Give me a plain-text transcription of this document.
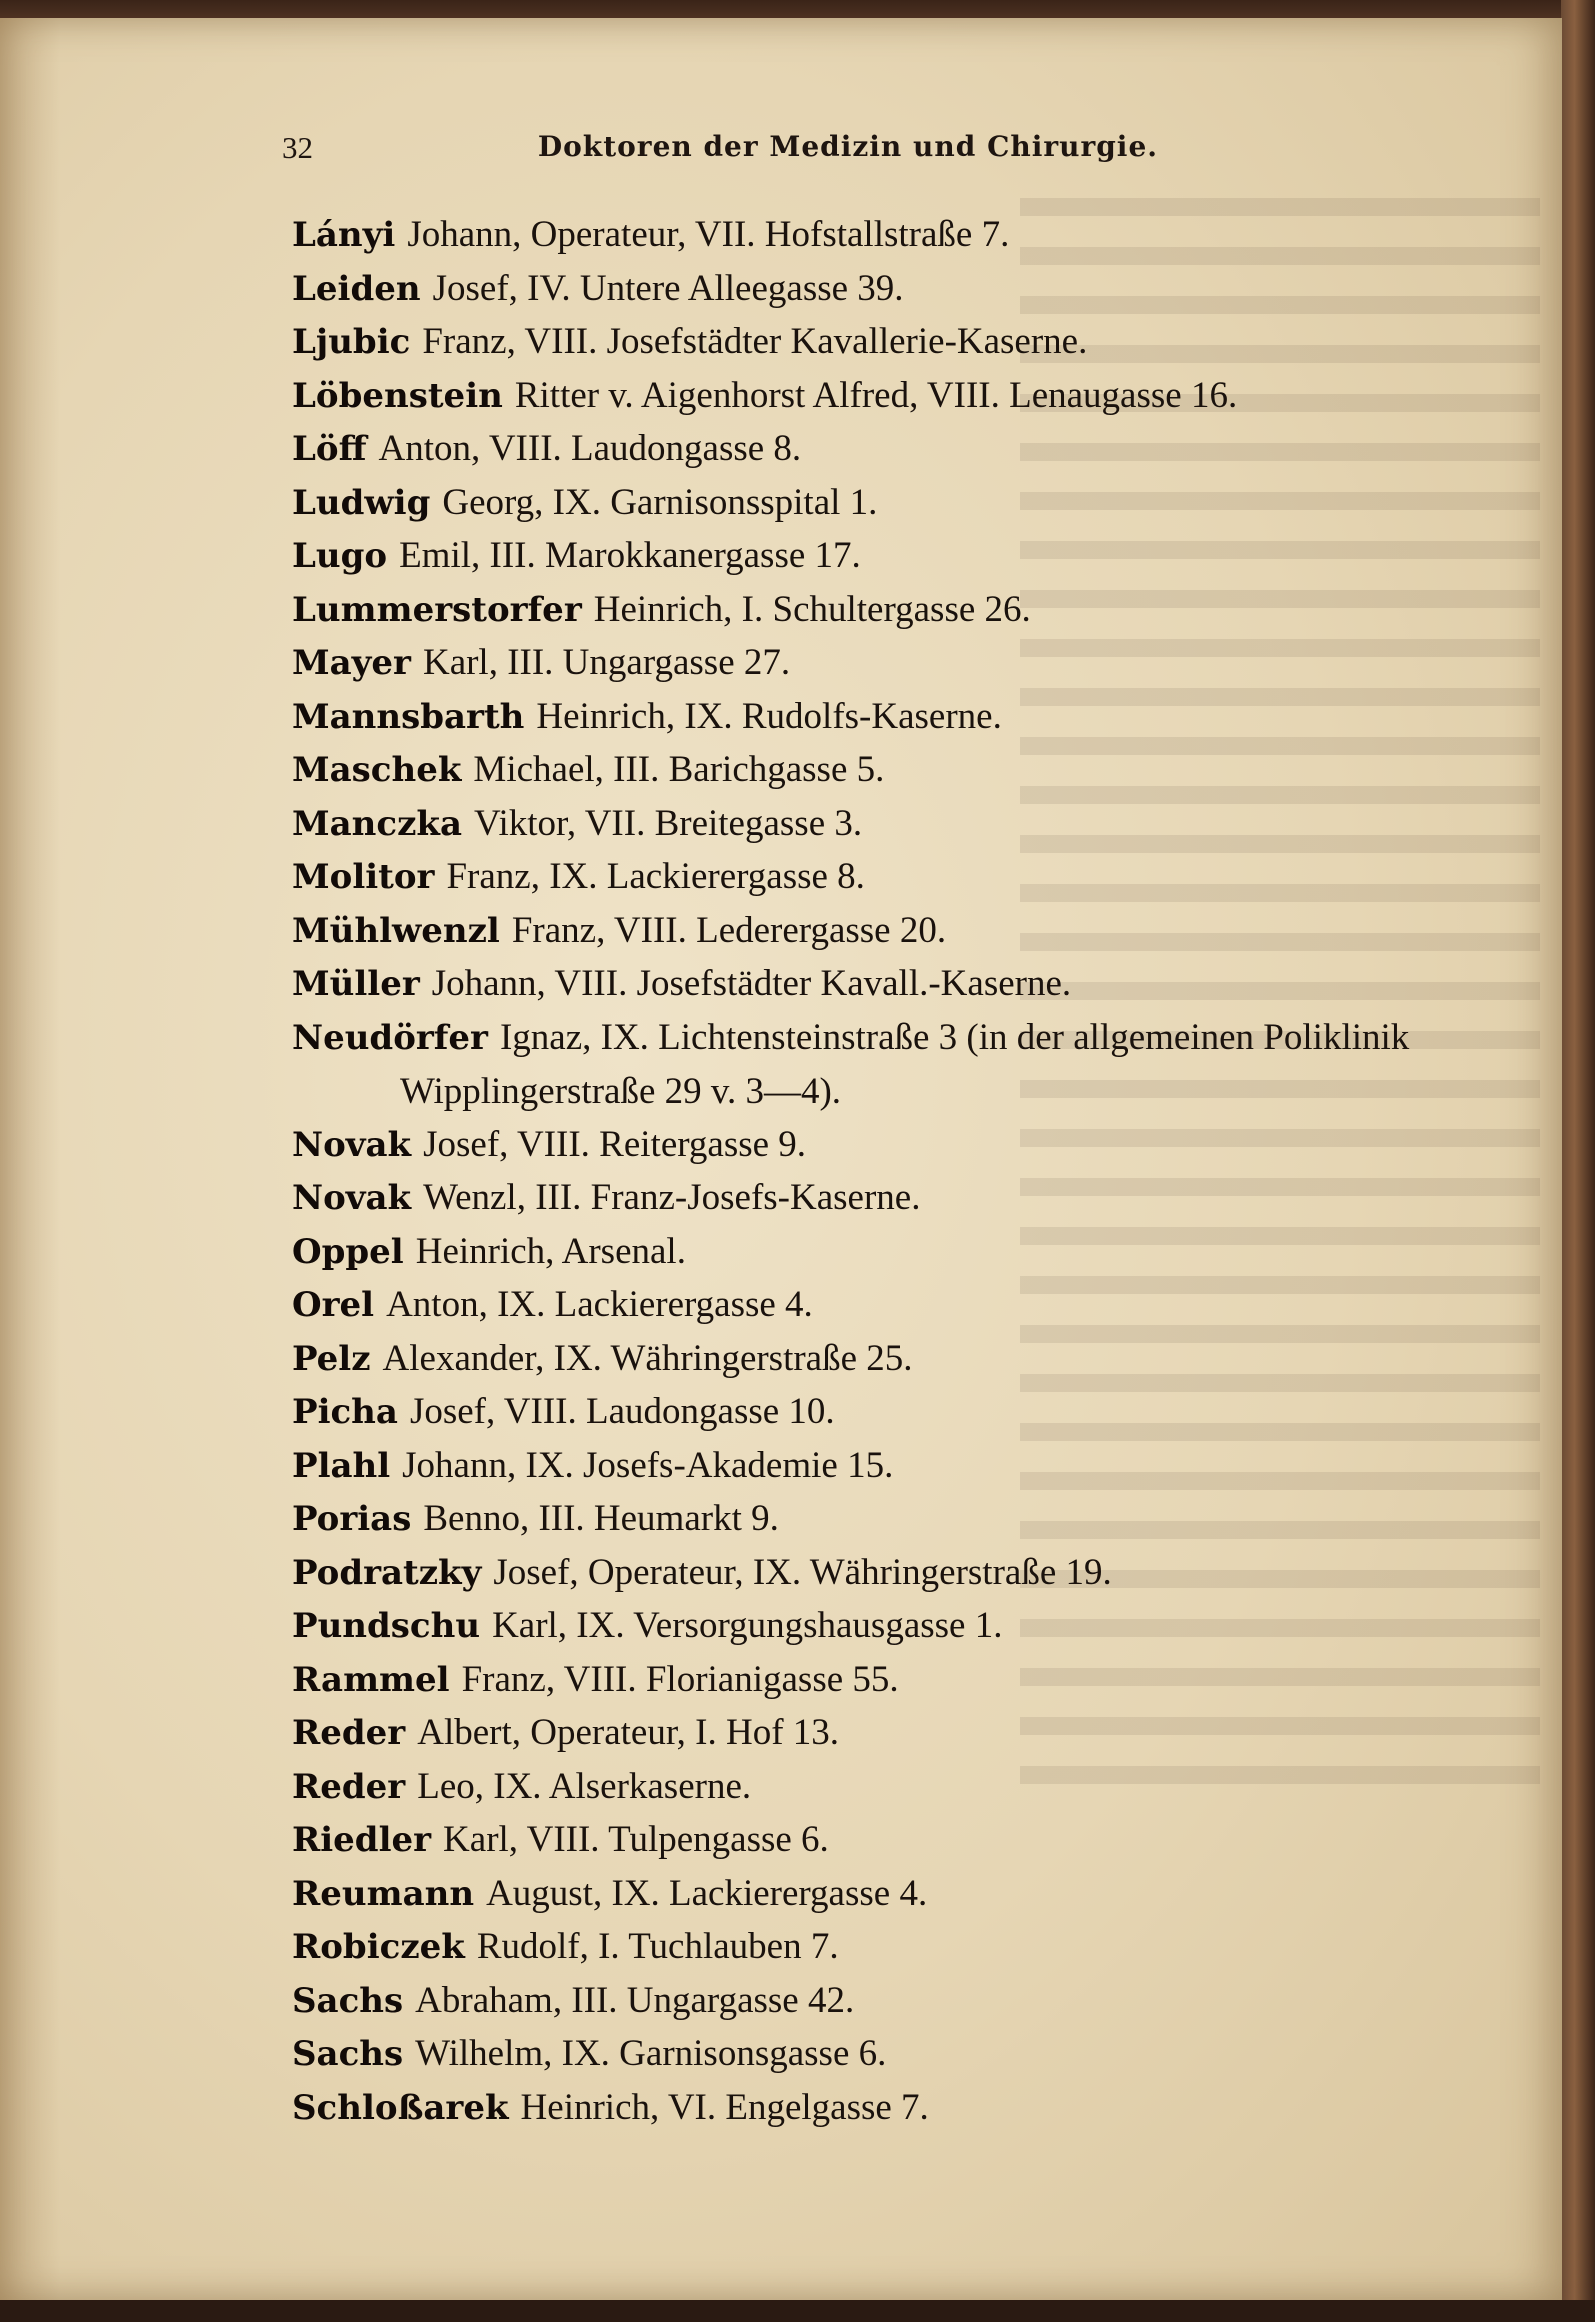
32	Doktoren der Medizin und Chirurgie.
Lányi Johann, Operateur, VII. Hofstallstraße 7.
Leiden Josef, IV. Untere Alleegasse 39.
Ljubic Franz, VIII. Josefstädter Kavallerie-Kaserne.
Löbenstein Ritter v. Aigenhorst Alfred, VIII. Lenaugasse 16.
Löff Anton, VIII. Laudongasse 8.
Ludwig Georg, IX. Garnisonsspital 1.
Lugo Emil, III. Marokkanergasse 17.
Lummerstorfer Heinrich, I. Schultergasse 26.
Mayer Karl, III. Ungargasse 27.
Mannsbarth Heinrich, IX. Rudolfs-Kaserne.
Maschek Michael, III. Barichgasse 5.
Manczka Viktor, VII. Breitegasse 3.
Molitor Franz, IX. Lackierergasse 8.
Mühlwenzl Franz, VIII. Lederergasse 20.
Müller Johann, VIII. Josefstädter Kavall.-Kaserne.
Neudörfer Ignaz, IX. Lichtensteinstraße 3 (in der allgemeinen Poliklinik
Wipplingerstraße 29 v. 3—4).
Novak Josef, VIII. Reitergasse 9.
Novak Wenzl, III. Franz-Josefs-Kaserne.
Oppel Heinrich, Arsenal.
Orel Anton, IX. Lackierergasse 4.
Pelz Alexander, IX. Währingerstraße 25.
Picha Josef, VIII. Laudongasse 10.
Plahl Johann, IX. Josefs-Akademie 15.
Porias Benno, III. Heumarkt 9.
Podratzky Josef, Operateur, IX. Währingerstraße 19.
Pundschu Karl, IX. Versorgungshausgasse 1.
Rammel Franz, VIII. Florianigasse 55.
Reder Albert, Operateur, I. Hof 13.
Reder Leo, IX. Alserkaserne.
Riedler Karl, VIII. Tulpengasse 6.
Reumann August, IX. Lackierergasse 4.
Robiczek Rudolf, I. Tuchlauben 7.
Sachs Abraham, III. Ungargasse 42.
Sachs Wilhelm, IX. Garnisonsgasse 6.
Schloßarek Heinrich, VI. Engelgasse 7.
